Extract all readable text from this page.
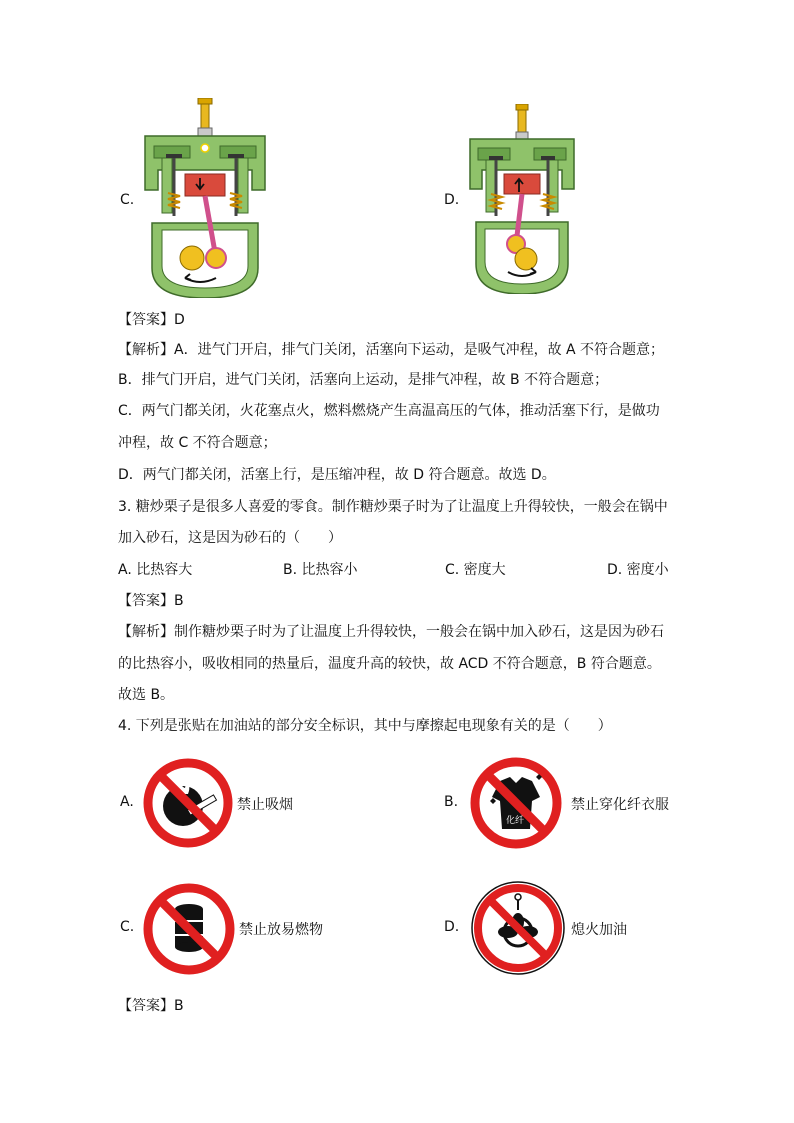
C.	D.
【答案】D
【解析】A．进气门开启，排气门关闭，活塞向下运动，是吸气冲程，故 A 不符合题意；
B．排气门开启，进气门关闭，活塞向上运动，是排气冲程，故 B 不符合题意；
C．两气门都关闭，火花塞点火，燃料燃烧产生高温高压的气体，推动活塞下行，是做功
冲程，故 C 不符合题意；
D．两气门都关闭，活塞上行，是压缩冲程，故 D 符合题意。故选 D。
3. 糖炒栗子是很多人喜爱的零食。制作糖炒栗子时为了让温度上升得较快，一般会在锅中
加入砂石，这是因为砂石的（　　）
A. 比热容大	B. 比热容小	C. 密度大	D. 密度小
【答案】B
【解析】制作糖炒栗子时为了让温度上升得较快，一般会在锅中加入砂石，这是因为砂石
的比热容小，吸收相同的热量后，温度升高的较快，故 ACD 不符合题意，B 符合题意。
故选 B。
4. 下列是张贴在加油站的部分安全标识，其中与摩擦起电现象有关的是（　　）
A.	禁止吸烟	B.
化纤
禁止穿化纤衣服
C.	禁止放易燃物	D.	熄火加油
【答案】B
